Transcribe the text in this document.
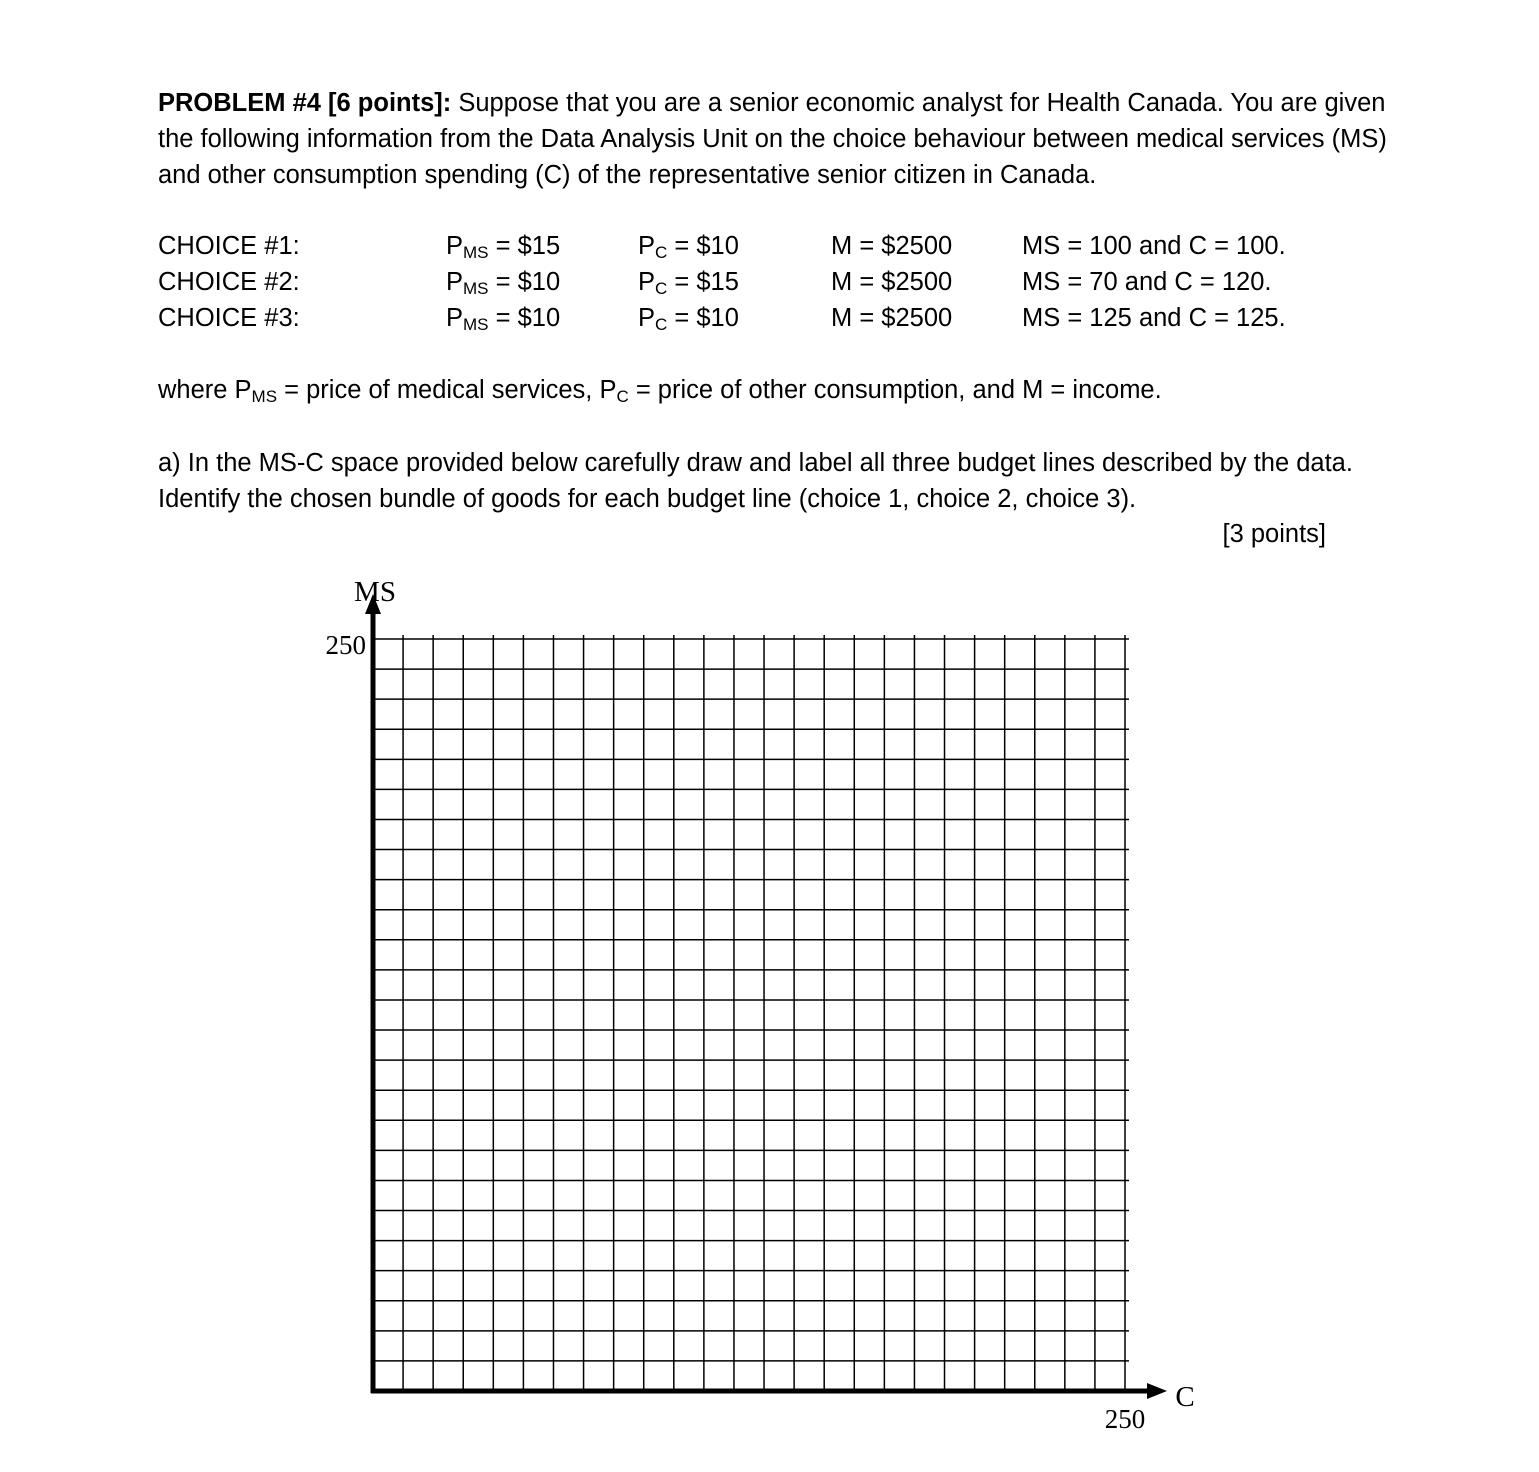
PROBLEM #4 [6 points]: Suppose that you are a senior economic analyst for Health Canada. You are given the following information from the Data Analysis Unit on the choice behaviour between medical services (MS) and other consumption spending (C) of the representative senior citizen in Canada.
CHOICE #1:	$P_{MS}$ = $15	$P_C$ = $10	M = $2500	MS = 100 and C = 100.
CHOICE #2:	$P_{MS}$ = $10	$P_C$ = $15	M = $2500	MS = 70 and C = 120.
CHOICE #3:	$P_{MS}$ = $10	$P_C$ = $10	M = $2500	MS = 125 and C = 125.
where $P_{MS}$ = price of medical services, $P_C$ = price of other consumption, and M = income.
a) In the MS-C space provided below carefully draw and label all three budget lines described by the data. Identify the chosen bundle of goods for each budget line (choice 1, choice 2, choice 3).
[3 points]
MS
250
C
250
